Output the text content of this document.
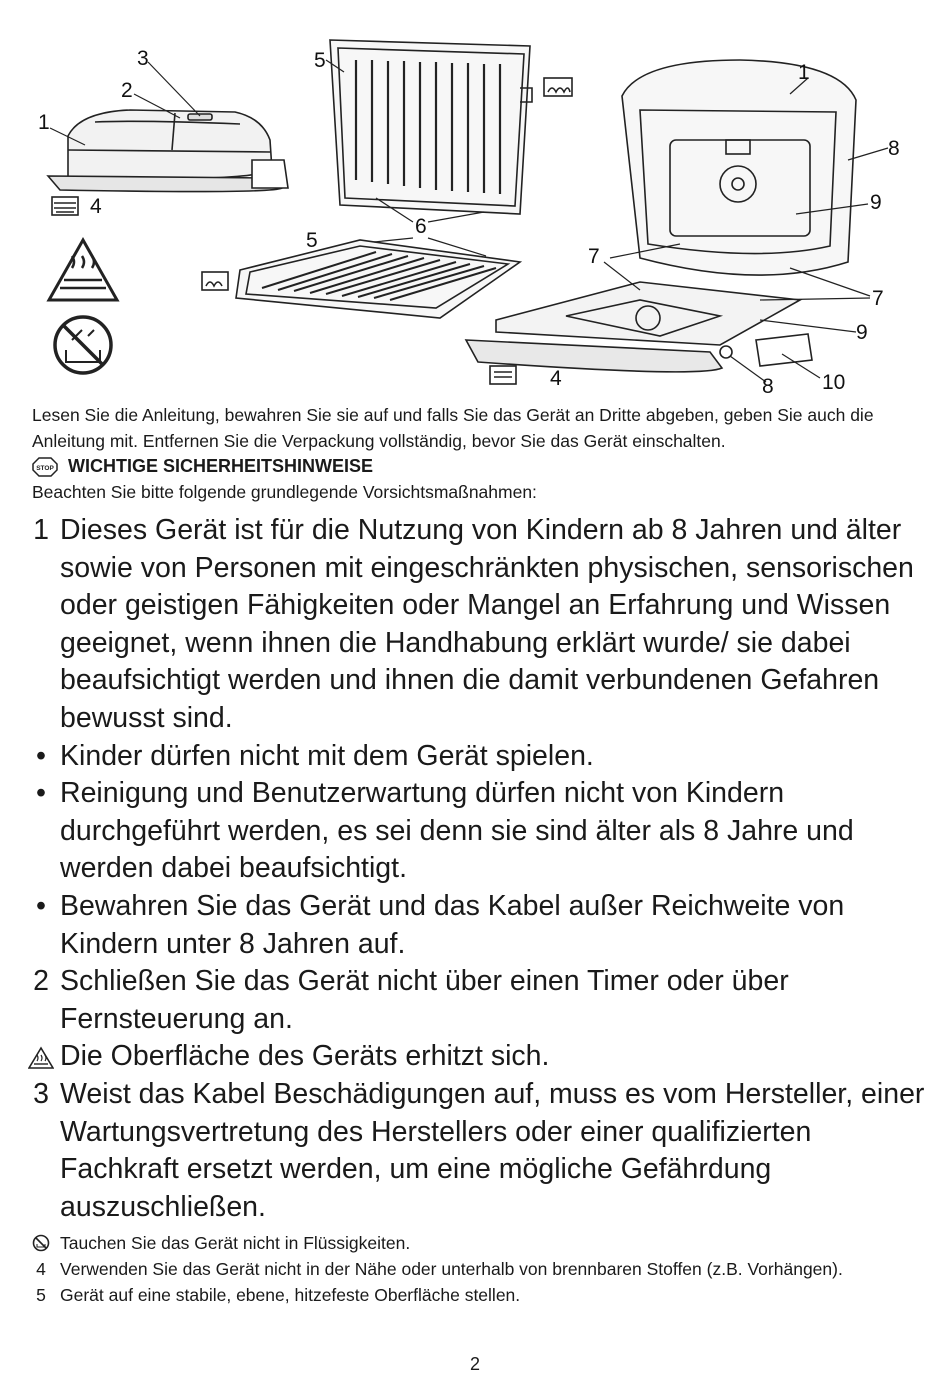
1
2
3
4
5
5
6
1
8
9
7
7
9
4	8 10
Lesen Sie die Anleitung, bewahren Sie sie auf und falls Sie das Gerät an Dritte abgeben, geben Sie auch die Anleitung mit. Entfernen Sie die Verpackung vollständig, bevor Sie das Gerät einschalten.
STOP WICHTIGE SICHERHEITSHINWEISE
Beachten Sie bitte folgende grundlegende Vorsichtsmaßnahmen:
1 Dieses Gerät ist für die Nutzung von Kindern ab 8 Jahren und älter sowie von Personen mit eingeschränkten physischen, sensorischen oder geistigen Fähigkeiten oder Mangel an Erfahrung und Wissen geeignet, wenn ihnen die Handhabung erklärt wurde/ sie dabei beaufsichtigt werden und ihnen die damit verbundenen Gefahren bewusst sind.
• Kinder dürfen nicht mit dem Gerät spielen.
• Reinigung und Benutzerwartung dürfen nicht von Kindern durchgeführt werden, es sei denn sie sind älter als 8 Jahre und werden dabei beaufsichtigt.
• Bewahren Sie das Gerät und das Kabel außer Reichweite von Kindern unter 8 Jahren auf.
2 Schließen Sie das Gerät nicht über einen Timer oder über Fernsteuerung an.
Die Oberfläche des Geräts erhitzt sich.
3 Weist das Kabel Beschädigungen auf, muss es vom Hersteller, einer Wartungsvertretung des Herstellers oder einer qualifizierten Fachkraft ersetzt werden, um eine mögliche Gefährdung auszuschließen.
Tauchen Sie das Gerät nicht in Flüssigkeiten.
4 Verwenden Sie das Gerät nicht in der Nähe oder unterhalb von brennbaren Stoffen (z.B. Vorhängen).
5 Gerät auf eine stabile, ebene, hitzefeste Oberfläche stellen.
2
